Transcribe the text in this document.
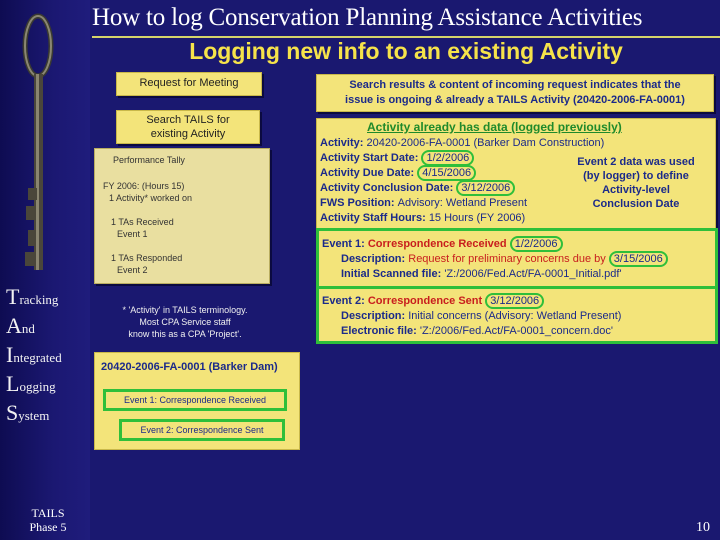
Tracking
And
Integrated
Logging
System
TAILS
Phase 5
How to log Conservation Planning Assistance Activities
Logging new info to an existing Activity
Request for Meeting
Search TAILS for
existing Activity
Performance Tally
FY 2006: (Hours 15)
1 Activity* worked on
1 TAs Received
Event 1
1 TAs Responded
Event 2
* 'Activity' in TAILS terminology.
Most CPA Service staff
know this as a CPA 'Project'.
Search results & content of incoming request indicates that the
issue is ongoing & already a TAILS Activity (20420-2006-FA-0001)
Activity already has data (logged previously)
Activity: 20420-2006-FA-0001 (Barker Dam Construction)
Activity Start Date: 1/2/2006
Activity Due Date: 4/15/2006
Activity Conclusion Date: 3/12/2006
FWS Position: Advisory: Wetland Present
Activity Staff Hours: 15 Hours (FY 2006)
Event 2 data was used
(by logger) to define
Activity-level
Conclusion Date
Event 1: Correspondence Received 1/2/2006
Description: Request for preliminary concerns due by 3/15/2006
Initial Scanned file: 'Z:/2006/Fed.Act/FA-0001_Initial.pdf'
Event 2: Correspondence Sent 3/12/2006
Description: Initial concerns (Advisory: Wetland Present)
Electronic file: 'Z:/2006/Fed.Act/FA-0001_concern.doc'
20420-2006-FA-0001 (Barker Dam)
Event 1: Correspondence Received
Event 2: Correspondence Sent
10
